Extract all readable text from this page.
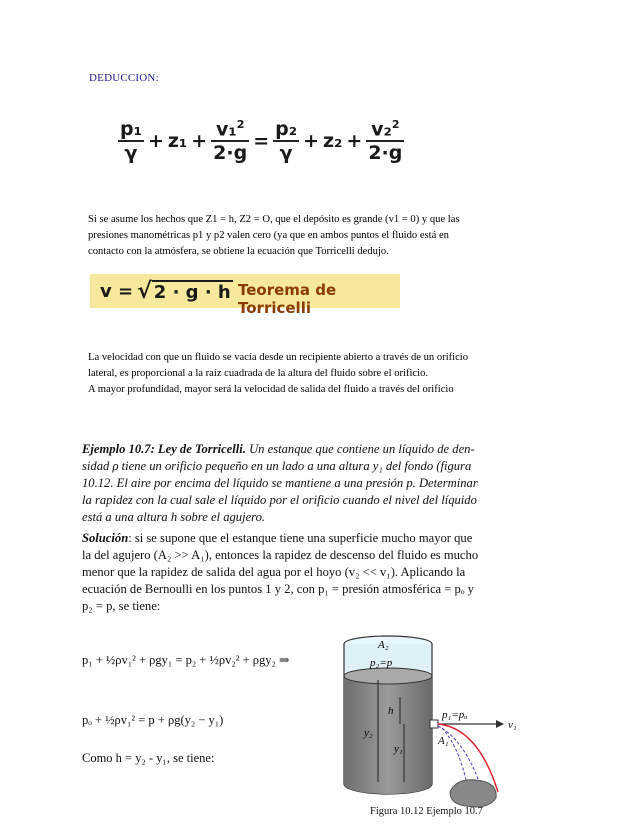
DEDUCCION:
$\frac{\text{p₁}}{\gamma} + z_1 + \frac{v_1^2}{2\cdot g} = \frac{\text{p₂}}{\gamma} + z_2 + \frac{v_2^2}{2\cdot g}$
Si se asume los hechos que Z1 = h, Z2 = O, que el depósito es grande (v1 = 0) y que las
presiones manométricas p1 y p2 valen cero (ya que en ambos puntos el fluido está en
contacto con la atmósfera, se obtiene la ecuación que Torricelli dedujo.
v = √ 2 · g · h Teorema de Torricelli
La velocidad con que un fluido se vacía desde un recipiente abierto a través de un orificio
lateral, es proporcional a la raíz cuadrada de la altura del fluido sobre el orificio.
A mayor profundidad, mayor será la velocidad de salida del fluido a través del orificio
Ejemplo 10.7: Ley de Torricelli. Un estanque que contiene un líquido de den-
sidad ρ tiene un orificio pequeño en un lado a una altura y₁ del fondo (figura
10.12. El aire por encima del líquido se mantiene a una presión p. Determinar
la rapidez con la cual sale el líquido por el orificio cuando el nivel del líquido
está a una altura h sobre el agujero.
Solución: si se supone que el estanque tiene una superficie mucho mayor que
la del agujero (A₂ >> A₁), entonces la rapidez de descenso del fluido es mucho
menor que la rapidez de salida del agua por el hoyo (v₂ << v₁). Aplicando la
ecuación de Bernoulli en los puntos 1 y 2, con p₁ = presión atmosférica = pₒ y
p₂ = p, se tiene:
p₁ + ½ρv₁² + ρgy₁ = p₂ + ½ρv₂² + ρgy₂ ⇒
pₒ + ½ρv₁² = p + ρg(y₂ − y₁)
Como h = y₂ - y₁, se tiene:
A₂
p₂=p
h
y₂
y₁
p₁=pₒ
v₁
A₁
Figura 10.12 Ejemplo 10.7
